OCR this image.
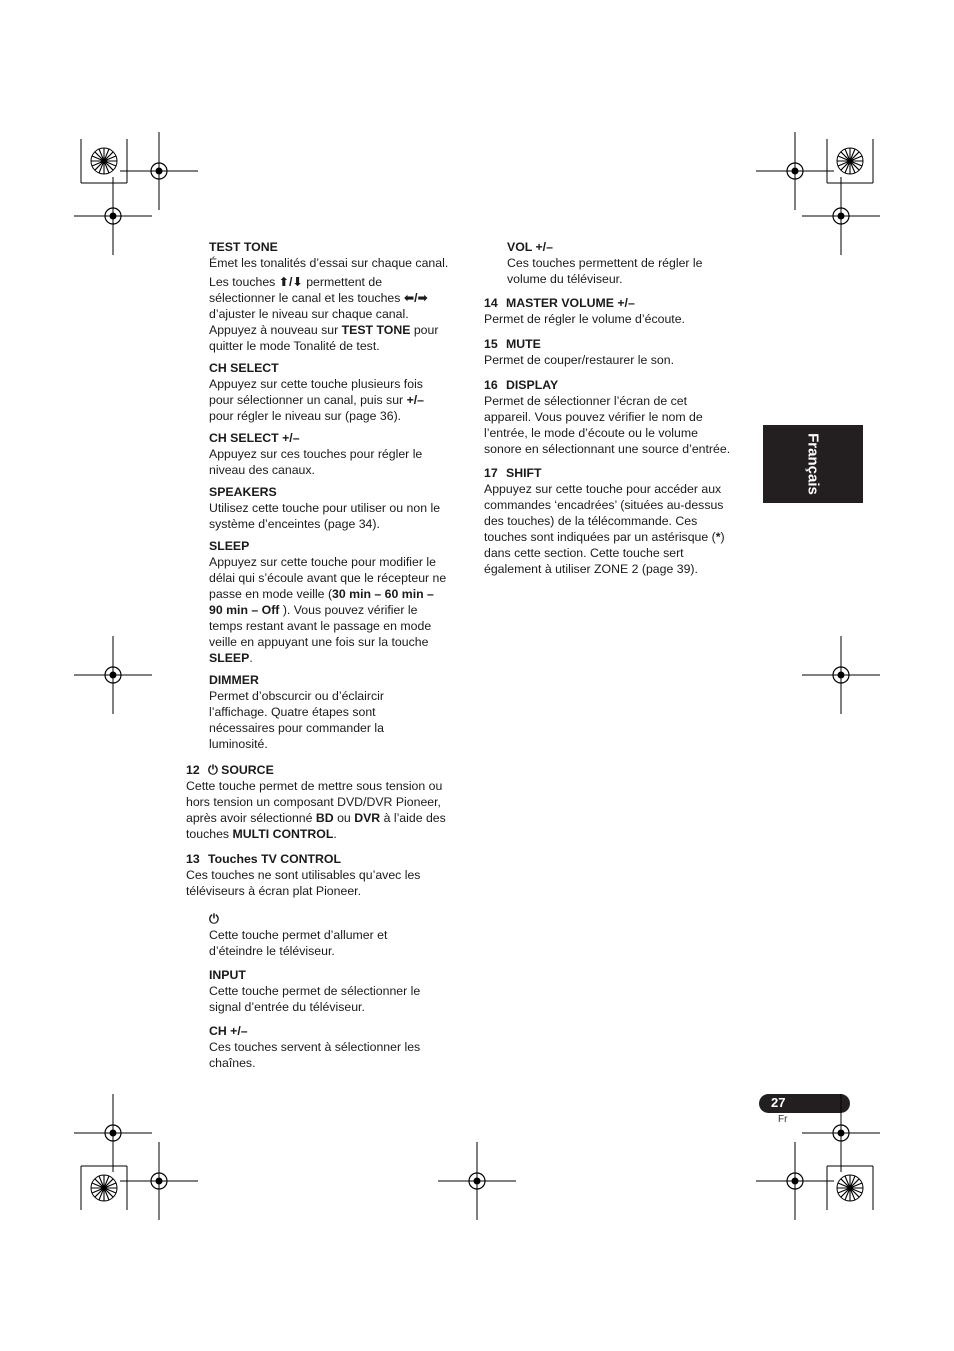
TEST TONE

Émet les tonalités d’essai sur chaque canal.

Les touches ⬆/⬇ permettent de

sélectionner le canal et les touches ⬅/➡

d’ajuster le niveau sur chaque canal.

Appuyez à nouveau sur TEST TONE pour

quitter le mode Tonalité de test.

CH SELECT

Appuyez sur cette touche plusieurs fois

pour sélectionner un canal, puis sur +/–

pour régler le niveau sur (page 36).

CH SELECT +/–

Appuyez sur ces touches pour régler le

niveau des canaux.

SPEAKERS

Utilisez cette touche pour utiliser ou non le

système d’enceintes (page 34).

SLEEP

Appuyez sur cette touche pour modifier le

délai qui s’écoule avant que le récepteur ne

passe en mode veille (30 min – 60 min –

90 min – Off ). Vous pouvez vérifier le

temps restant avant le passage en mode

veille en appuyant une fois sur la touche

SLEEP.

DIMMER

Permet d’obscurcir ou d’éclaircir

l’affichage. Quatre étapes sont

nécessaires pour commander la

luminosité.

12 ⏻ SOURCE

Cette touche permet de mettre sous tension ou

hors tension un composant DVD/DVR Pioneer,

après avoir sélectionné BD ou DVR à l’aide des

touches MULTI CONTROL.

13 Touches TV CONTROL

Ces touches ne sont utilisables qu’avec les

téléviseurs à écran plat Pioneer.

⏻

Cette touche permet d’allumer et

d’éteindre le téléviseur.

INPUT

Cette touche permet de sélectionner le

signal d’entrée du téléviseur.

CH +/–

Ces touches servent à sélectionner les

chaînes.

VOL +/–

Ces touches permettent de régler le

volume du téléviseur.

14 MASTER VOLUME +/–

Permet de régler le volume d’écoute.

15 MUTE

Permet de couper/restaurer le son.

16 DISPLAY

Permet de sélectionner l’écran de cet

appareil. Vous pouvez vérifier le nom de

l’entrée, le mode d’écoute ou le volume

sonore en sélectionnant une source d’entrée.

17 SHIFT

Appuyez sur cette touche pour accéder aux

commandes ‘encadrées’ (situées au-dessus

des touches) de la télécommande. Ces

touches sont indiquées par un astérisque (*)

dans cette section. Cette touche sert

également à utiliser ZONE 2 (page 39).

Français
27
Fr
